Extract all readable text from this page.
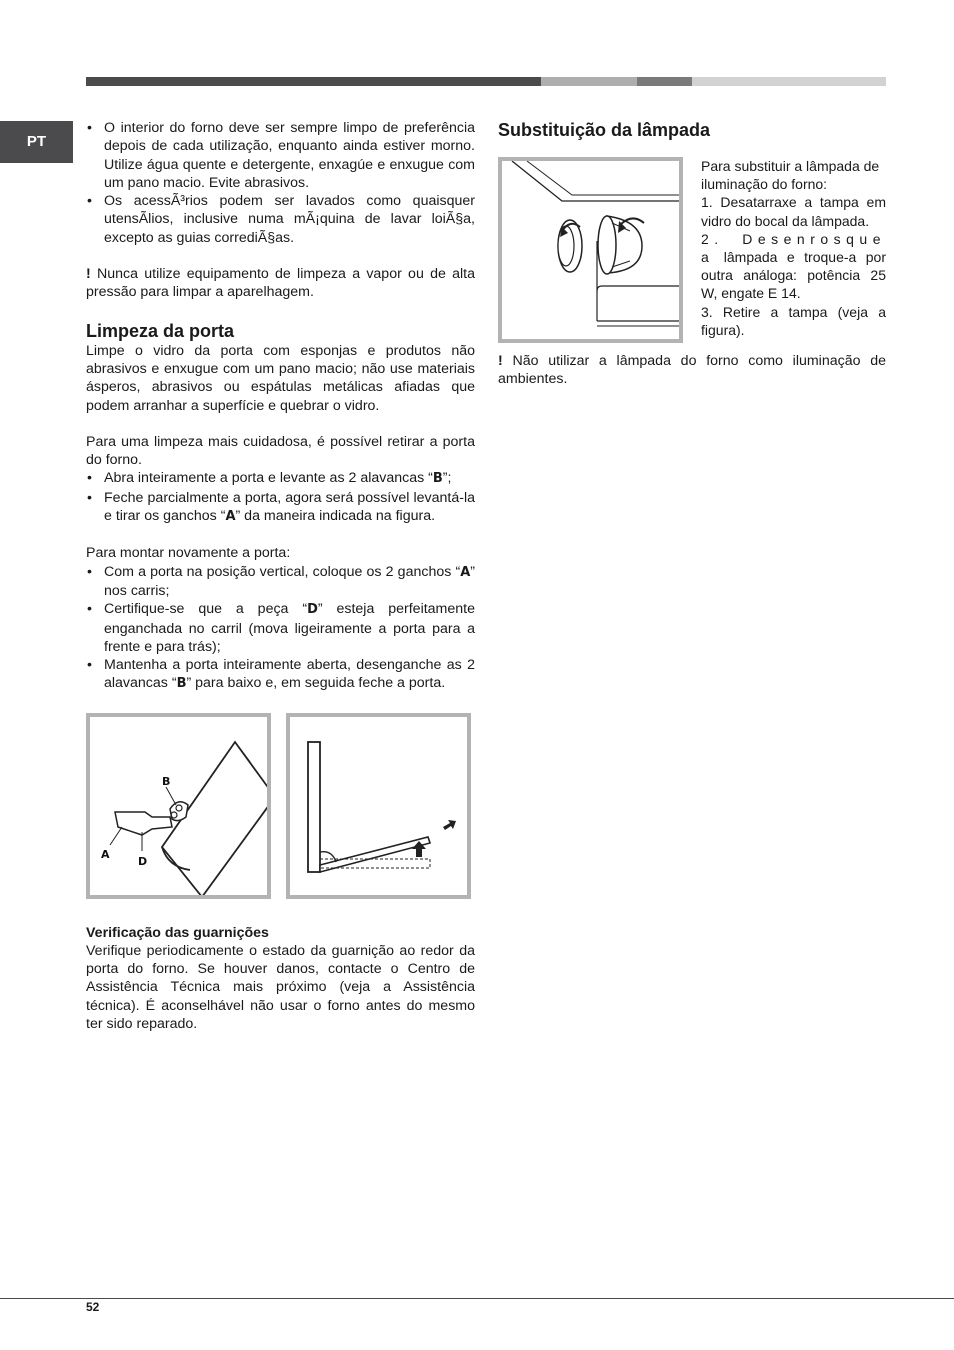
PT
• O interior do forno deve ser sempre limpo de preferência depois de cada utilização, enquanto ainda estiver morno. Utilize água quente e detergente, enxagúe e enxugue com um pano macio. Evite abrasivos.
• Os acessÃ³rios podem ser lavados como quaisquer utensÃlios, inclusive numa mÃ¡quina de lavar loiÃ§a, excepto as guias corrediÃ§as.

! Nunca utilize equipamento de limpeza a vapor ou de alta pressão para limpar a aparelhagem.

Limpeza da porta

Limpe o vidro da porta com esponjas e produtos não abrasivos e enxugue com um pano macio; não use materiais ásperos, abrasivos ou espátulas metálicas afiadas que podem arranhar a superfície e quebrar o vidro.

Para uma limpeza mais cuidadosa, é possível retirar a porta do forno.

• Abra inteiramente a porta e levante as 2 alavancas “B”;
• Feche parcialmente a porta, agora será possível levantá-la e tirar os ganchos “A” da maneira indicada na figura.

Para montar novamente a porta:

• Com a porta na posição vertical, coloque os 2 ganchos “A” nos carris;
• Certifique-se que a peça “D” esteja perfeitamente enganchada no carril (mova ligeiramente a porta para a frente e para trás);
• Mantenha a porta inteiramente aberta, desenganche as 2 alavancas “B” para baixo e, em seguida feche a porta.
B
A
D
Verificação das guarnições

Verifique periodicamente o estado da guarnição ao redor da porta do forno. Se houver danos, contacte o Centro de Assistência Técnica mais próximo (veja a Assistência técnica). É aconselhável não usar o forno antes do mesmo ter sido reparado.

Substituição da lâmpada

Para substituir a lâmpada de iluminação do forno:

1. Desatarraxe a tampa em vidro do bocal da lâmpada.

2. Desenrosque a lâmpada e troque-a por outra análoga: potência 25 W, engate E 14.

3. Retire a tampa (veja a figura).

! Não utilizar a lâmpada do forno como iluminação de ambientes.

52
